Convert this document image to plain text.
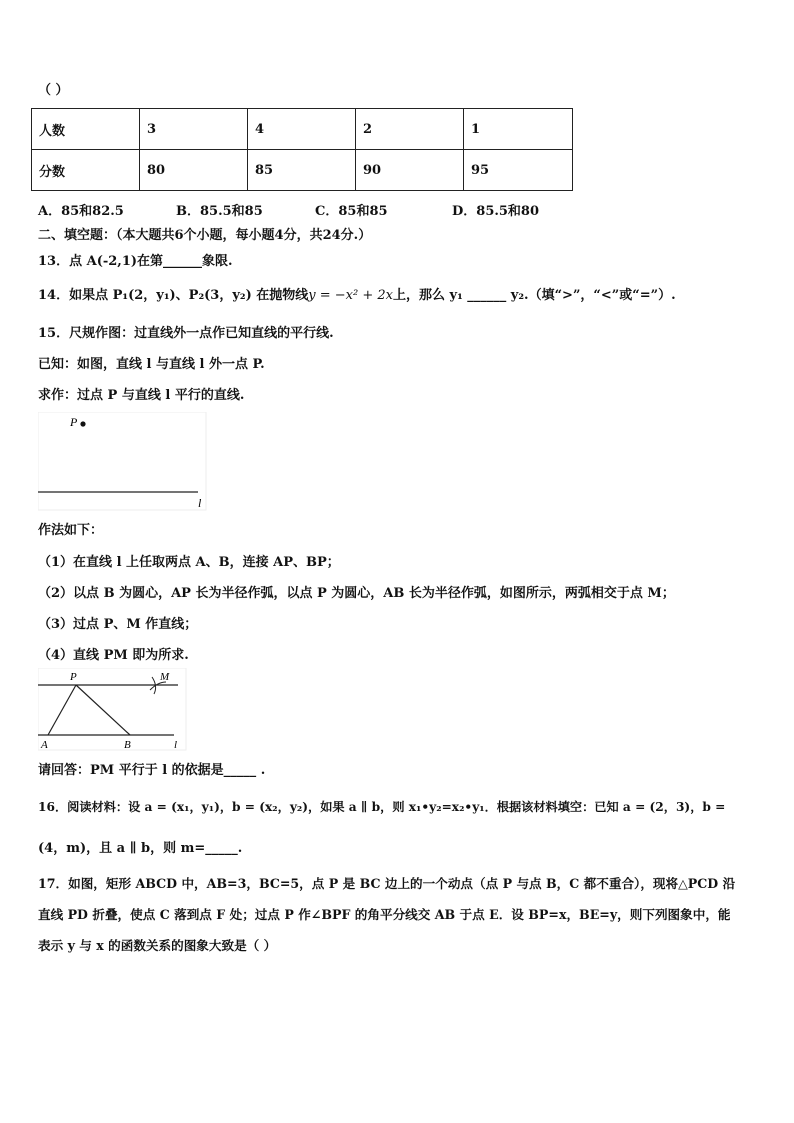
（ ）
人数	3	4	2	1
分数	80	85	90	95
A．85和82.5	B．85.5和85	C．85和85	D．85.5和80
二、填空题：（本大题共6个小题，每小题4分，共24分.）
13．点 A(-2,1)在第______象限.
14．如果点 P₁(2，y₁)、P₂(3，y₂) 在抛物线y = −x² + 2x上，那么 y₁ ______ y₂.（填“>”，“<”或“=”）.
15．尺规作图：过直线外一点作已知直线的平行线.
已知：如图，直线 l 与直线 l 外一点 P.
求作：过点 P 与直线 l 平行的直线.
P
l
作法如下：
（1）在直线 l 上任取两点 A、B，连接 AP、BP；
（2）以点 B 为圆心，AP 长为半径作弧，以点 P 为圆心，AB 长为半径作弧，如图所示，两弧相交于点 M；
（3）过点 P、M 作直线；
（4）直线 PM 即为所求.
P	M
A	B	l
请回答：PM 平行于 l 的依据是_____ .
16．阅读材料：设 a = (x₁，y₁)，b = (x₂，y₂)，如果 a ∥ b，则 x₁•y₂=x₂•y₁．根据该材料填空：已知 a = (2，3)，b =
(4，m)，且 a ∥ b，则 m=_____.
17．如图，矩形 ABCD 中，AB=3，BC=5，点 P 是 BC 边上的一个动点（点 P 与点 B，C 都不重合），现将△PCD 沿
直线 PD 折叠，使点 C 落到点 F 处；过点 P 作∠BPF 的角平分线交 AB 于点 E．设 BP=x，BE=y，则下列图象中，能
表示 y 与 x 的函数关系的图象大致是（ ）
